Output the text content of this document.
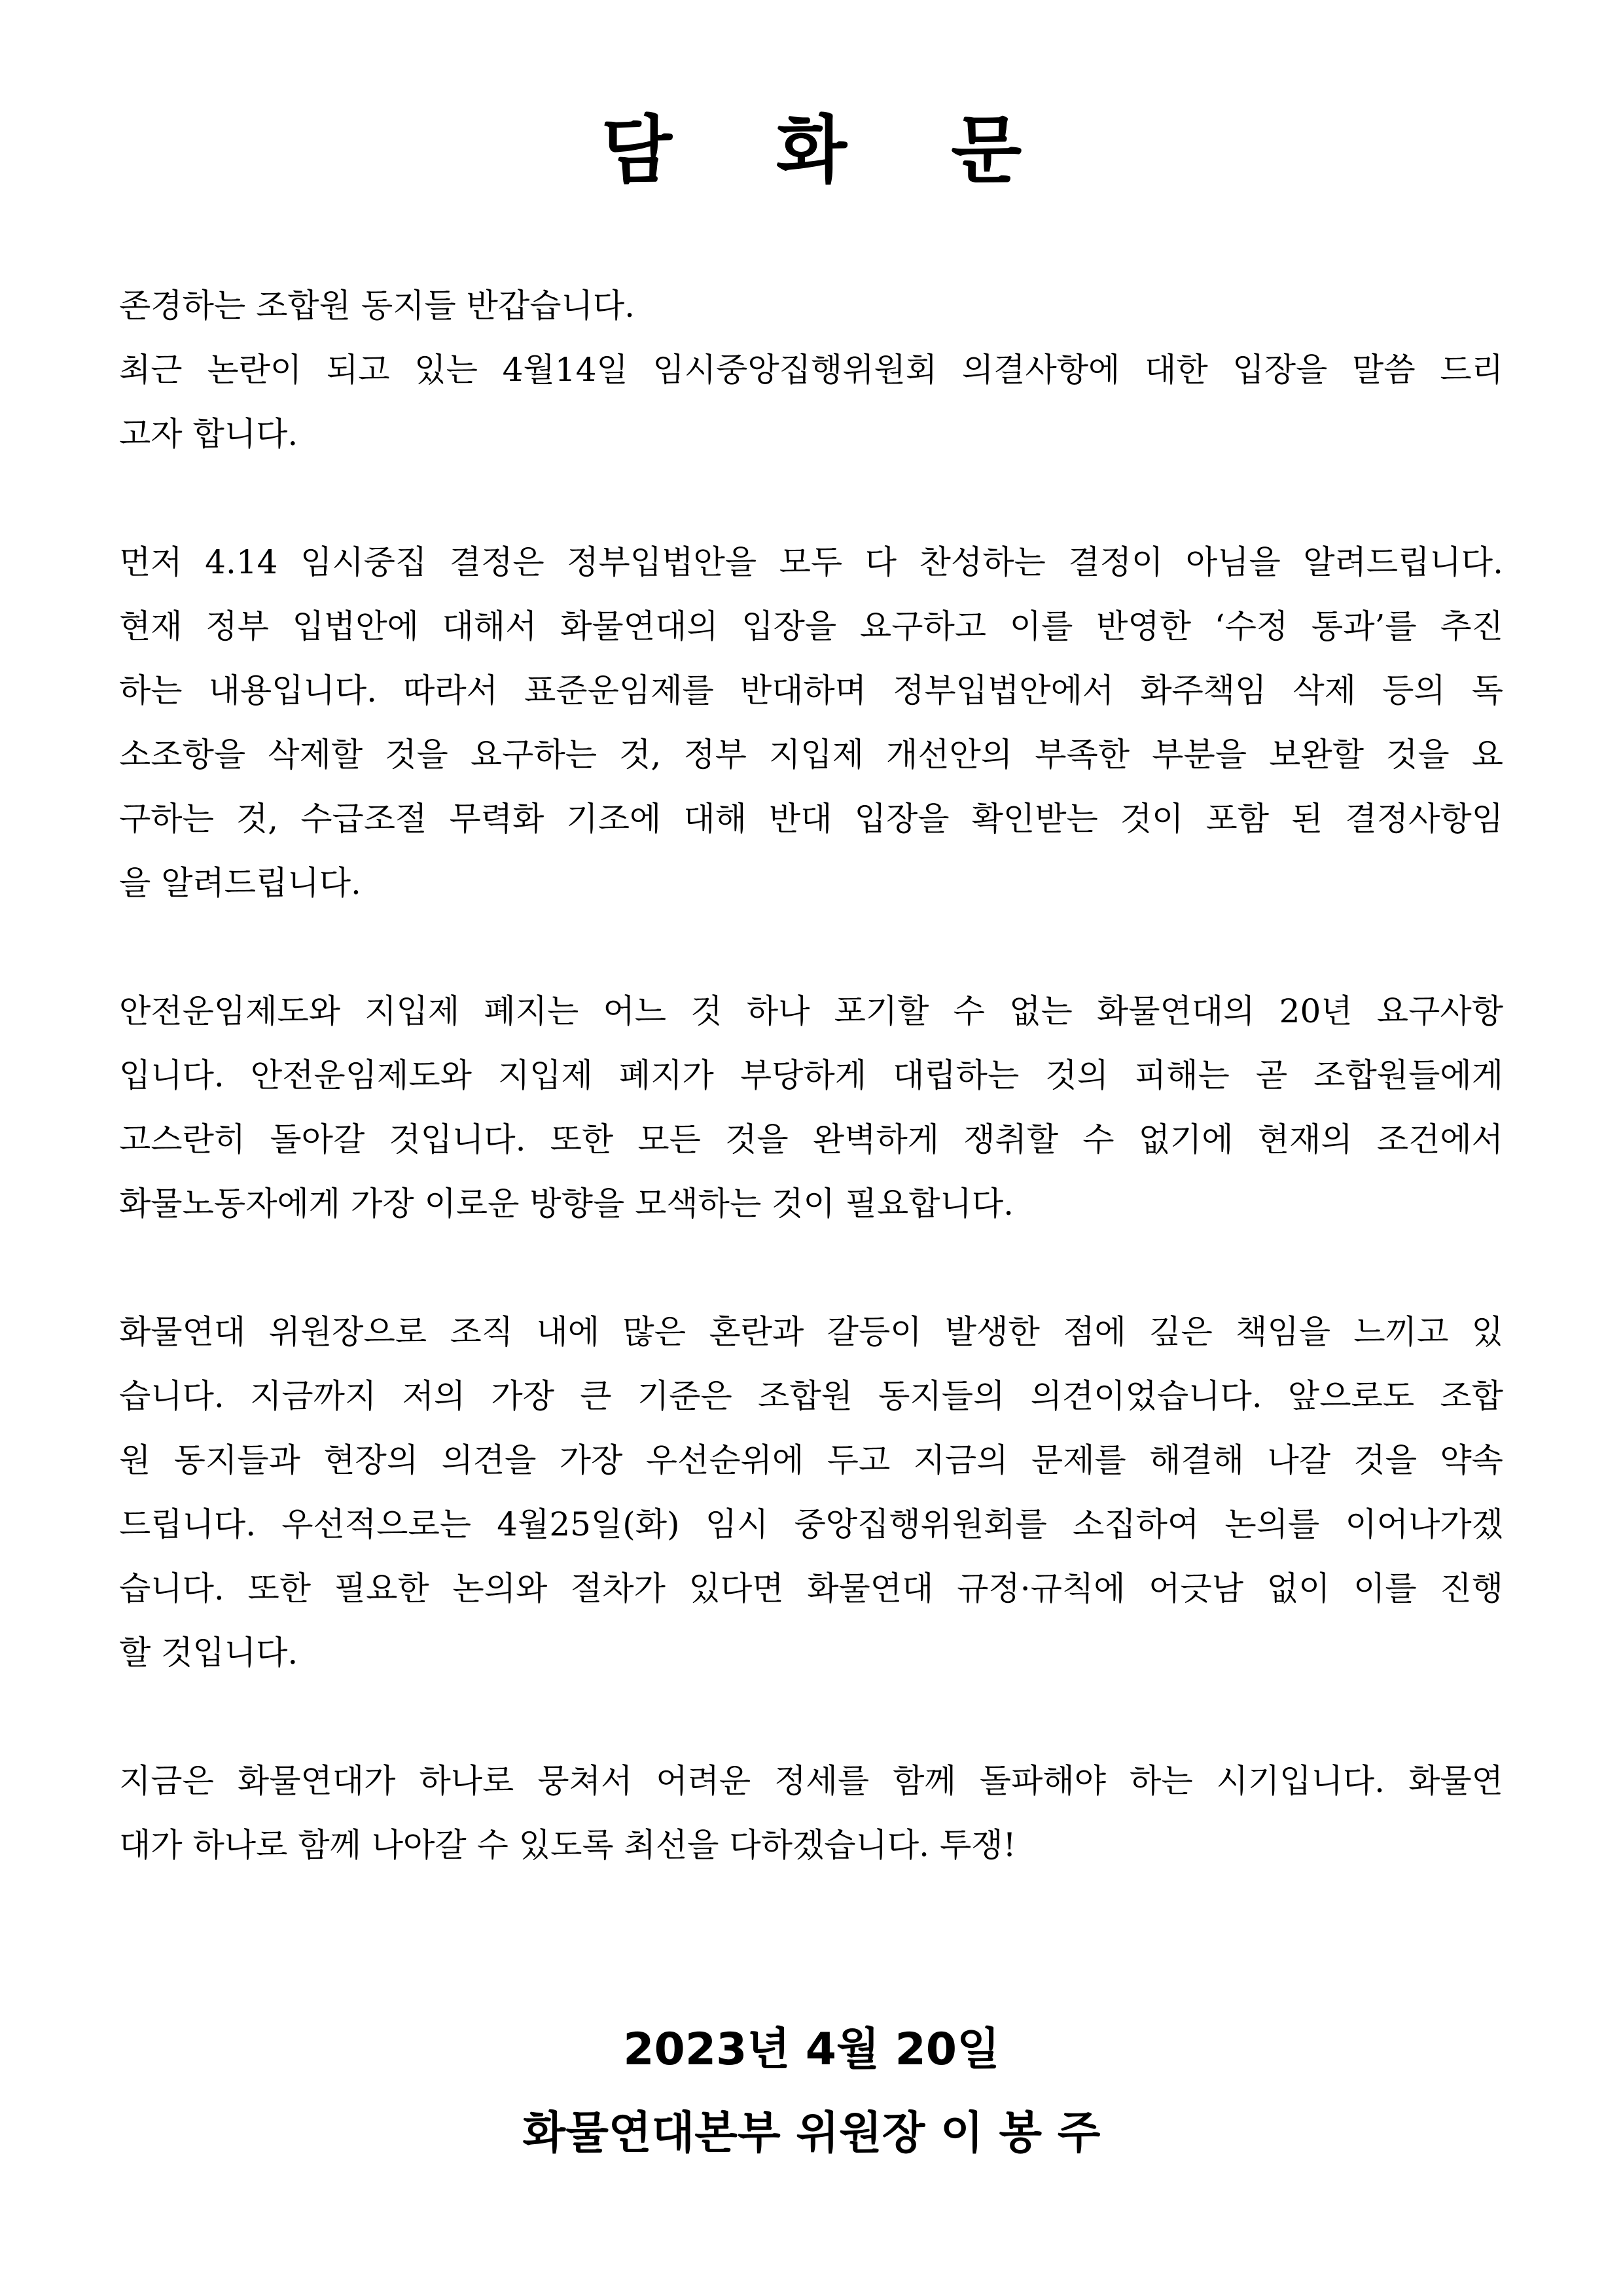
담 화 문

존경하는 조합원 동지들 반갑습니다.
최근 논란이 되고 있는 4월14일 임시중앙집행위원회 의결사항에 대한 입장을 말씀 드리
고자 합니다.

먼저 4.14 임시중집 결정은 정부입법안을 모두 다 찬성하는 결정이 아님을 알려드립니다.
현재 정부 입법안에 대해서 화물연대의 입장을 요구하고 이를 반영한 ‘수정 통과’를 추진
하는 내용입니다. 따라서 표준운임제를 반대하며 정부입법안에서 화주책임 삭제 등의 독
소조항을 삭제할 것을 요구하는 것, 정부 지입제 개선안의 부족한 부분을 보완할 것을 요
구하는 것, 수급조절 무력화 기조에 대해 반대 입장을 확인받는 것이 포함 된 결정사항임
을 알려드립니다.

안전운임제도와 지입제 폐지는 어느 것 하나 포기할 수 없는 화물연대의 20년 요구사항
입니다. 안전운임제도와 지입제 폐지가 부당하게 대립하는 것의 피해는 곧 조합원들에게
고스란히 돌아갈 것입니다. 또한 모든 것을 완벽하게 쟁취할 수 없기에 현재의 조건에서
화물노동자에게 가장 이로운 방향을 모색하는 것이 필요합니다.

화물연대 위원장으로 조직 내에 많은 혼란과 갈등이 발생한 점에 깊은 책임을 느끼고 있
습니다. 지금까지 저의 가장 큰 기준은 조합원 동지들의 의견이었습니다. 앞으로도 조합
원 동지들과 현장의 의견을 가장 우선순위에 두고 지금의 문제를 해결해 나갈 것을 약속
드립니다. 우선적으로는 4월25일(화) 임시 중앙집행위원회를 소집하여 논의를 이어나가겠
습니다. 또한 필요한 논의와 절차가 있다면 화물연대 규정·규칙에 어긋남 없이 이를 진행
할 것입니다.

지금은 화물연대가 하나로 뭉쳐서 어려운 정세를 함께 돌파해야 하는 시기입니다. 화물연
대가 하나로 함께 나아갈 수 있도록 최선을 다하겠습니다. 투쟁!

2023년 4월 20일
화물연대본부 위원장 이 봉 주
